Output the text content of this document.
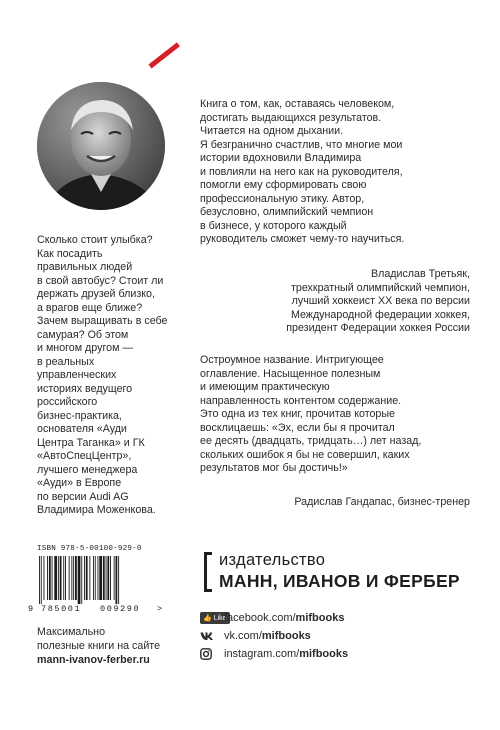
Книга о том, как, оставаясь человеком,
достигать выдающихся результатов.
Читается на одном дыхании.
Я безгранично счастлив, что многие мои
истории вдохновили Владимира
и повлияли на него как на руководителя,
помогли ему сформировать свою
профессиональную этику. Автор,
безусловно, олимпийский чемпион
в бизнесе, у которого каждый
руководитель сможет чему-то научиться.
Владислав Третьяк,
трехкратный олимпийский чемпион,
лучший хоккеист XX века по версии
Международной федерации хоккея,
президент Федерации хоккея России
Остроумное название. Интригующее
оглавление. Насыщенное полезным
и имеющим практическую
направленность контентом содержание.
Это одна из тех книг, прочитав которые
восклицаешь: «Эх, если бы я прочитал
ее десять (двадцать, тридцать…) лет назад,
скольких ошибок я бы не совершил, каких
результатов мог бы достичь!»
Радислав Гандапас, бизнес-тренер
Сколько стоит улыбка?
Как посадить
правильных людей
в свой автобус? Стоит ли
держать друзей близко,
а врагов еще ближе?
Зачем выращивать в себе
самурая? Об этом
и многом другом —
в реальных
управленческих
историях ведущего
российского
бизнес-практика,
основателя «Ауди
Центра Таганка» и ГК
«АвтоСпецЦентр»,
лучшего менеджера
«Ауди» в Европе
по версии Audi AG
Владимира Моженкова.
ISBN 978-5-00100-929-0
9 785001 009290 >
Максимально
полезные книги на сайте
mann-ivanov-ferber.ru
издательство
МАНН, ИВАНОВ И ФЕРБЕР
👍 Like
facebook.com/ mifbooks
vk.com/ mifbooks
instagram.com/ mifbooks
